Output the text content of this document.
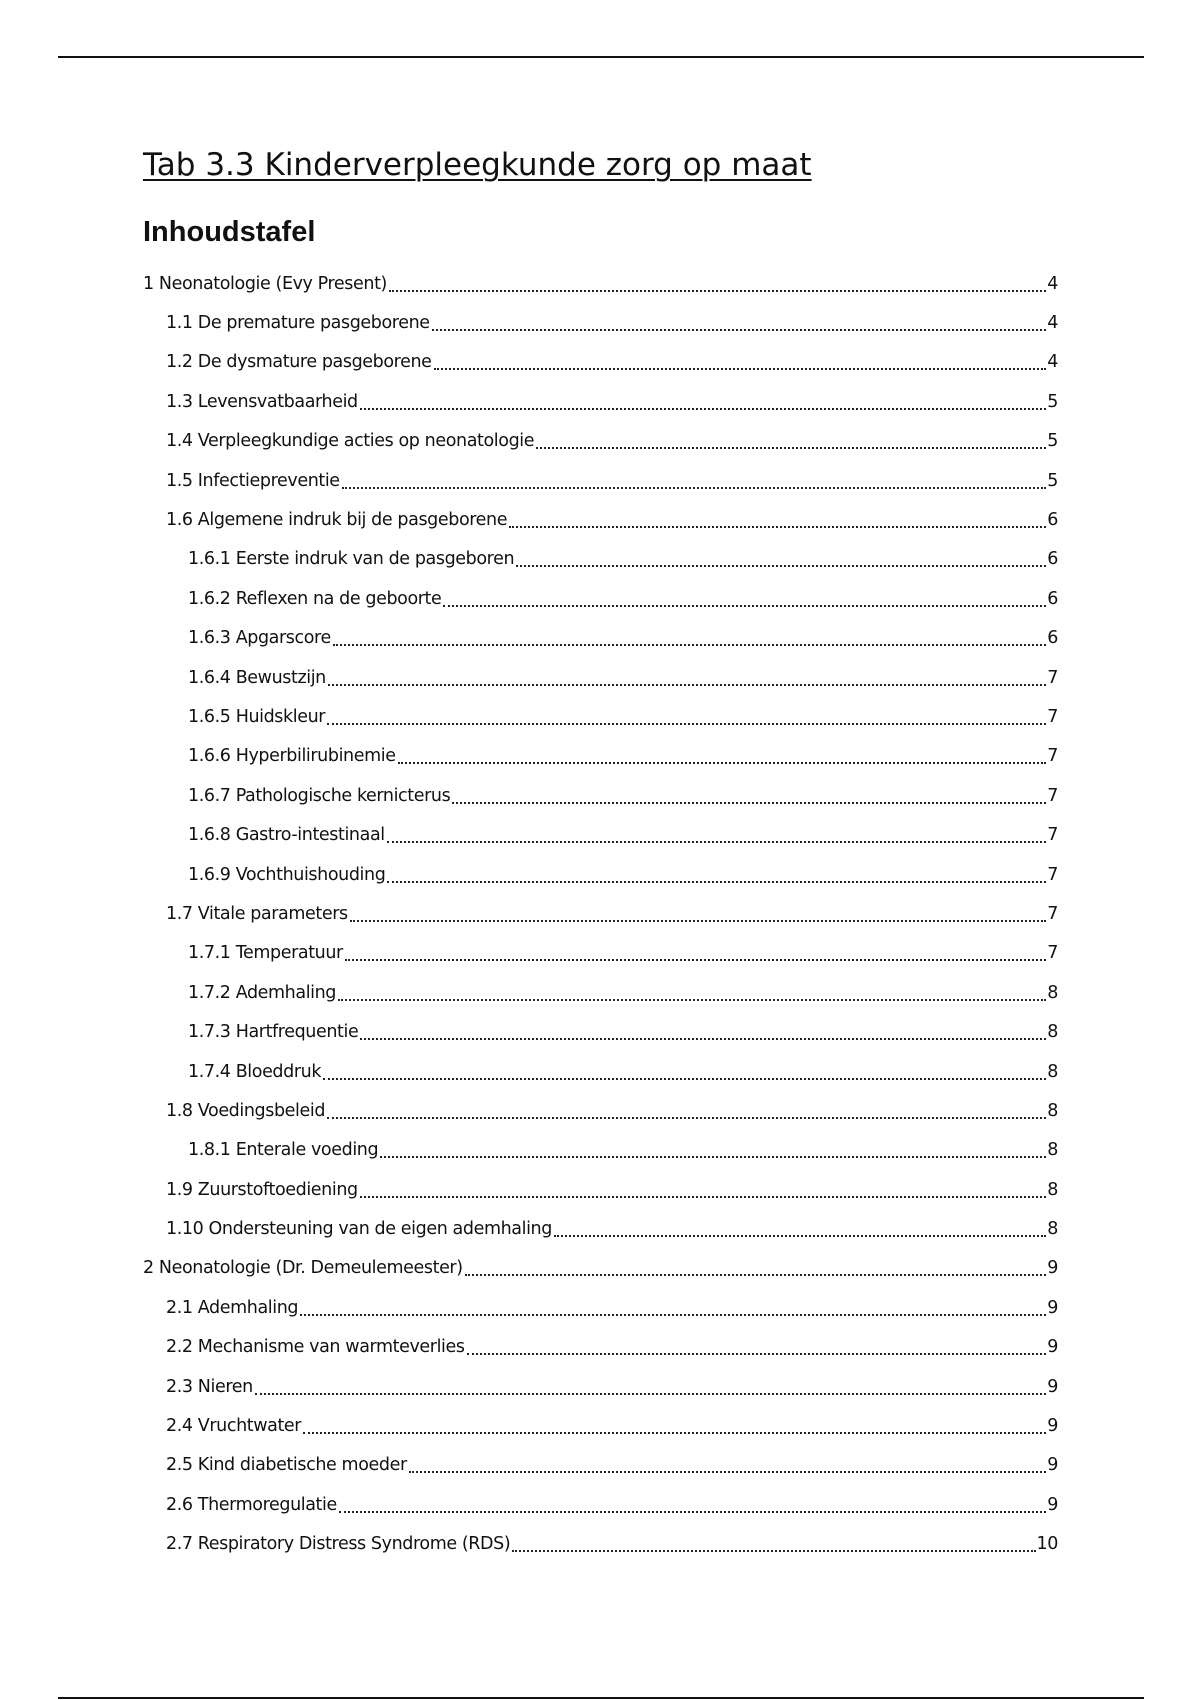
Tab 3.3 Kinderverpleegkunde zorg op maat
Inhoudstafel
1 Neonatologie (Evy Present)	4
1.1 De premature pasgeborene	4
1.2 De dysmature pasgeborene	4
1.3 Levensvatbaarheid	5
1.4 Verpleegkundige acties op neonatologie	5
1.5 Infectiepreventie	5
1.6 Algemene indruk bij de pasgeborene	6
1.6.1 Eerste indruk van de pasgeboren	6
1.6.2 Reflexen na de geboorte	6
1.6.3 Apgarscore	6
1.6.4 Bewustzijn	7
1.6.5 Huidskleur	7
1.6.6 Hyperbilirubinemie	7
1.6.7 Pathologische kernicterus	7
1.6.8 Gastro-intestinaal	7
1.6.9 Vochthuishouding	7
1.7 Vitale parameters	7
1.7.1 Temperatuur	7
1.7.2 Ademhaling	8
1.7.3 Hartfrequentie	8
1.7.4 Bloeddruk	8
1.8 Voedingsbeleid	8
1.8.1 Enterale voeding	8
1.9 Zuurstoftoediening	8
1.10 Ondersteuning van de eigen ademhaling	8
2 Neonatologie (Dr. Demeulemeester)	9
2.1 Ademhaling	9
2.2 Mechanisme van warmteverlies	9
2.3 Nieren	9
2.4 Vruchtwater	9
2.5 Kind diabetische moeder	9
2.6 Thermoregulatie	9
2.7 Respiratory Distress Syndrome (RDS)	10
